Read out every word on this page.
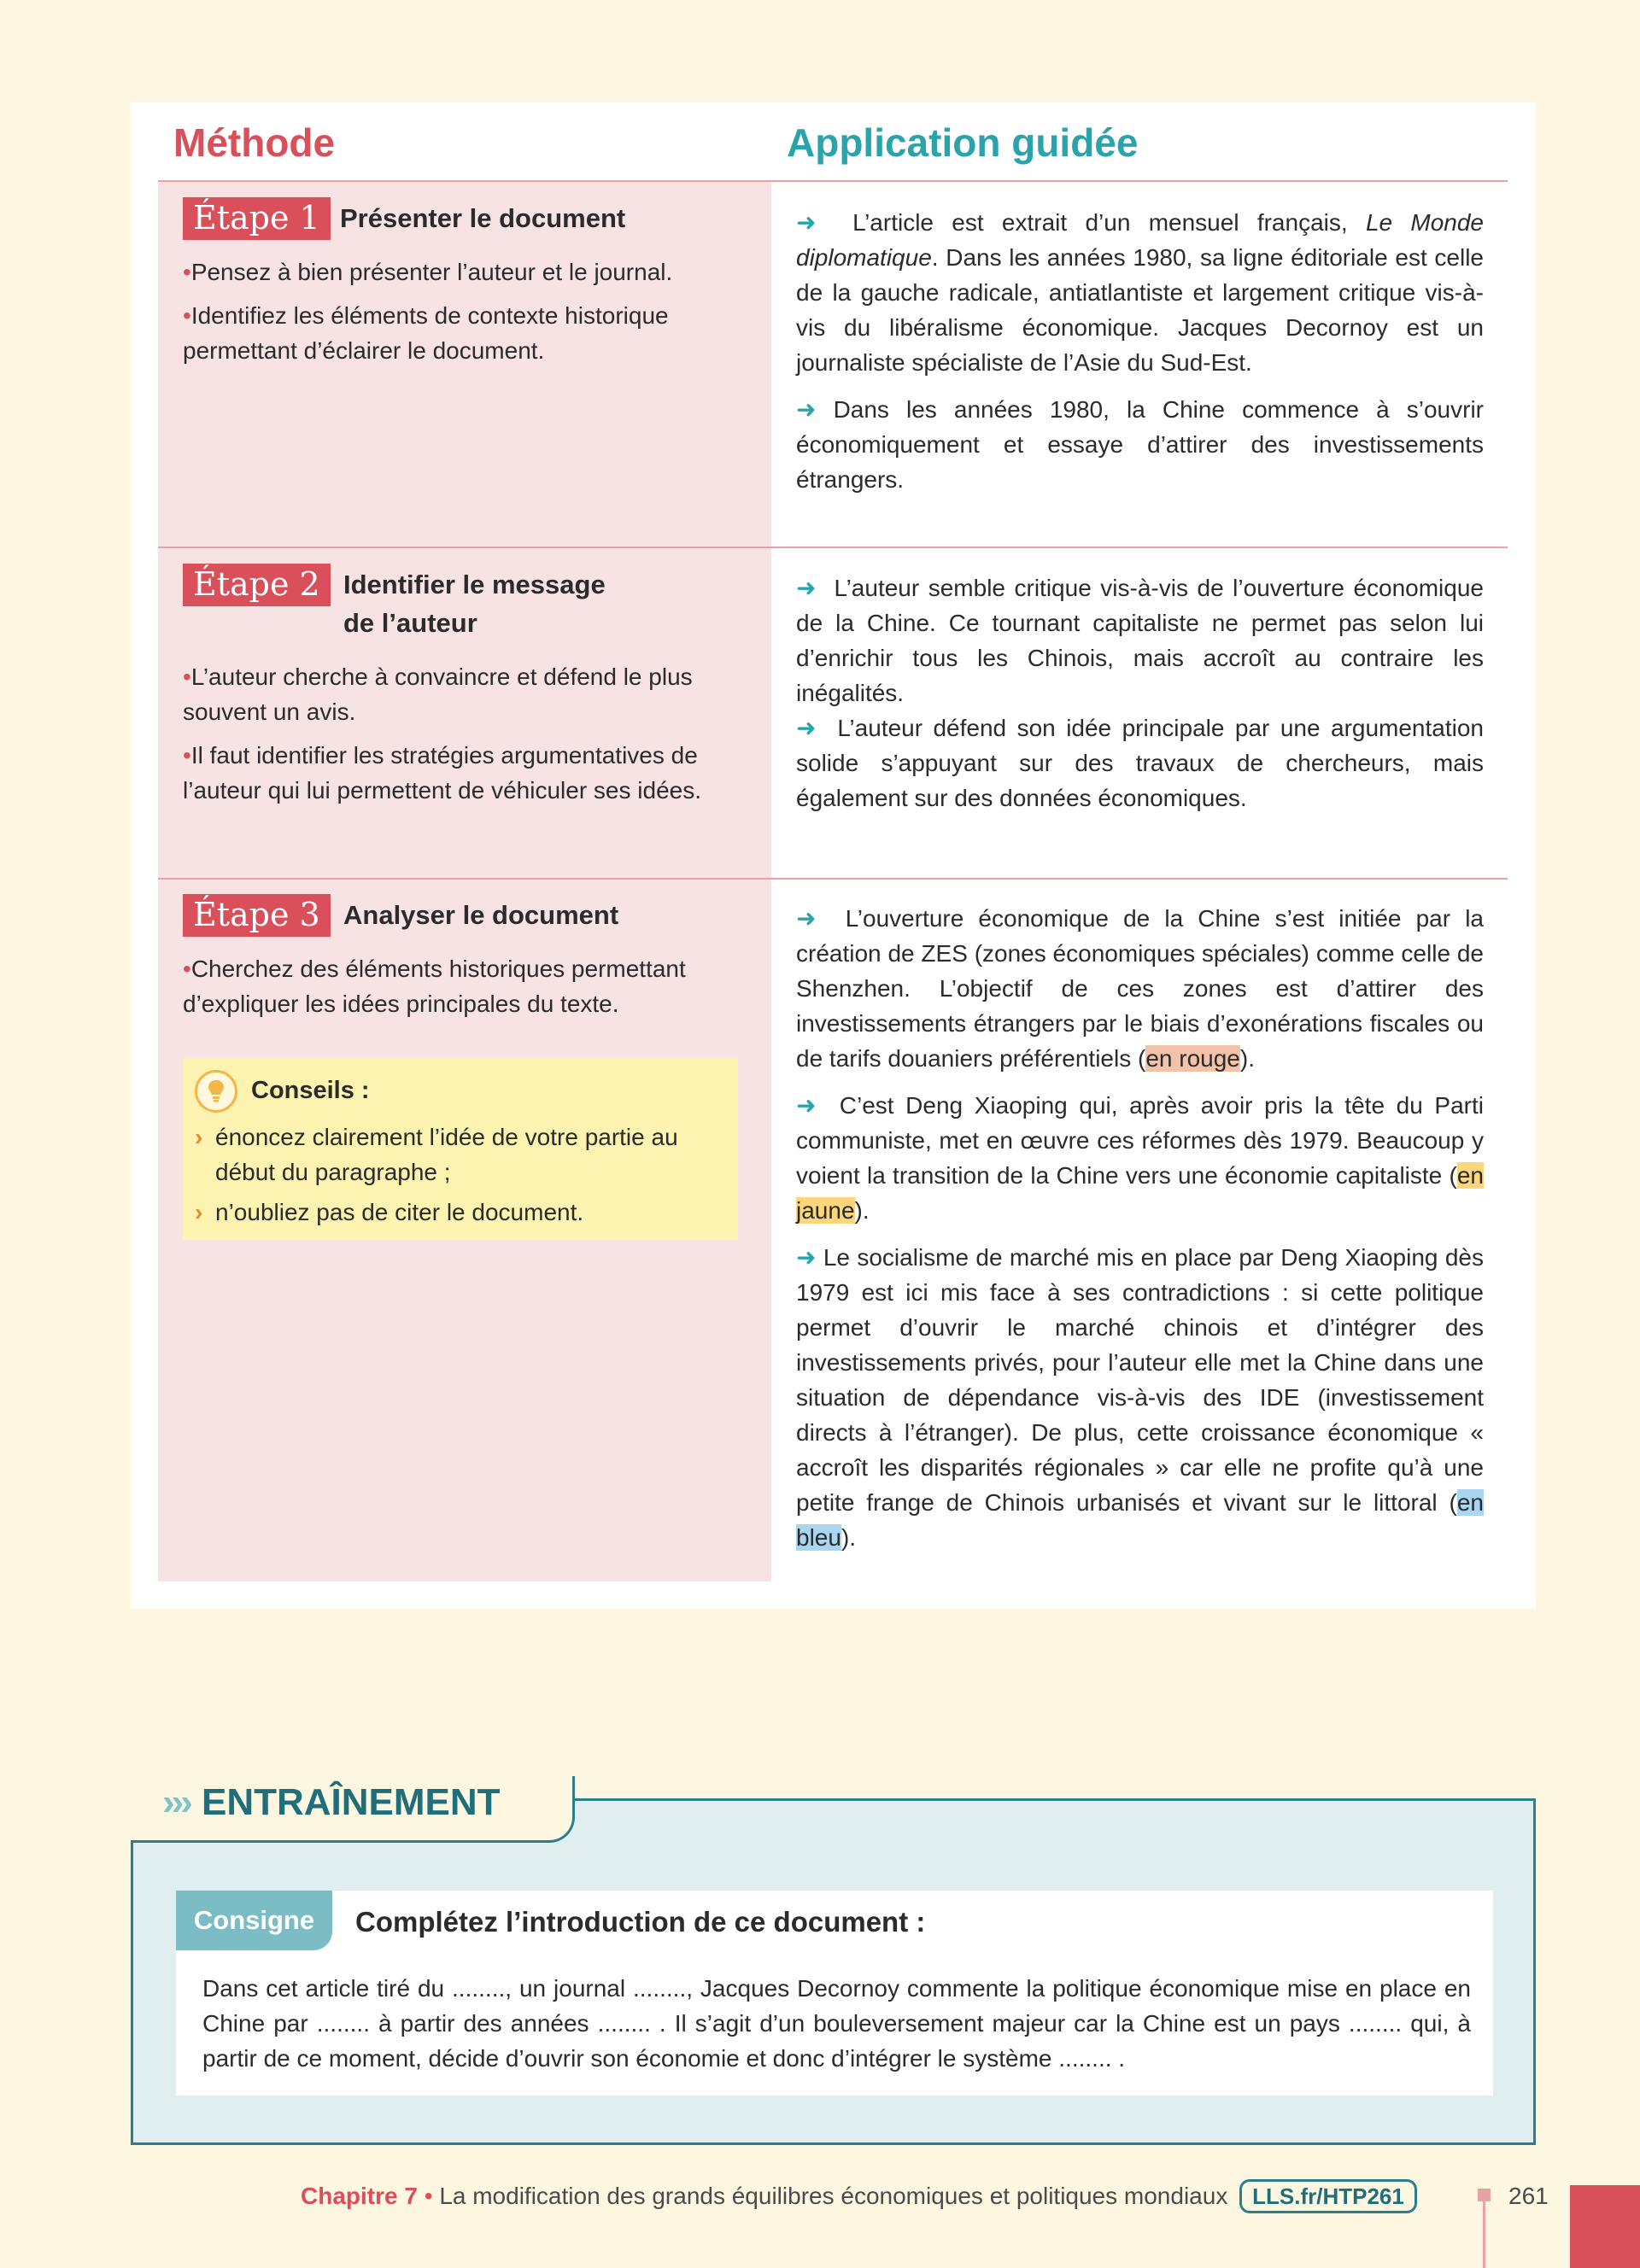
Méthode	Application guidée
Étape 1 Présenter le document

•Pensez à bien présenter l’auteur et le journal.

•Identifiez les éléments de contexte historique permettant d’éclairer le document.

➜ L’article est extrait d’un mensuel français, Le Monde diplomatique. Dans les années 1980, sa ligne éditoriale est celle de la gauche radicale, antiatlantiste et largement critique vis-à-vis du libéralisme économique. Jacques Decornoy est un journaliste spécialiste de l’Asie du Sud-Est.

➜ Dans les années 1980, la Chine commence à s’ouvrir économiquement et essaye d’attirer des investissements étrangers.

Étape 2 Identifier le message
de l’auteur

•L’auteur cherche à convaincre et défend le plus souvent un avis.

•Il faut identifier les stratégies argumentatives de l’auteur qui lui permettent de véhiculer ses idées.

➜ L’auteur semble critique vis-à-vis de l’ouverture économique de la Chine. Ce tournant capitaliste ne permet pas selon lui d’enrichir tous les Chinois, mais accroît au contraire les inégalités.

➜ L’auteur défend son idée principale par une argumentation solide s’appuyant sur des travaux de chercheurs, mais également sur des données économiques.

Étape 3 Analyser le document

•Cherchez des éléments historiques permettant d’expliquer les idées principales du texte.

Conseils :
› énoncez clairement l’idée de votre partie au début du paragraphe ;
› n’oubliez pas de citer le document.

➜ L’ouverture économique de la Chine s’est initiée par la création de ZES (zones économiques spéciales) comme celle de Shenzhen. L’objectif de ces zones est d’attirer des investissements étrangers par le biais d’exonérations fiscales ou de tarifs douaniers préférentiels (en rouge).

➜ C’est Deng Xiaoping qui, après avoir pris la tête du Parti communiste, met en œuvre ces réformes dès 1979. Beaucoup y voient la transition de la Chine vers une économie capitaliste (en jaune).

➜ Le socialisme de marché mis en place par Deng Xiaoping dès 1979 est ici mis face à ses contradictions : si cette politique permet d’ouvrir le marché chinois et d’intégrer des investissements privés, pour l’auteur elle met la Chine dans une situation de dépendance vis-à-vis des IDE (investissement directs à l’étranger). De plus, cette croissance économique « accroît les disparités régionales » car elle ne profite qu’à une petite frange de Chinois urbanisés et vivant sur le littoral (en bleu).

››› ENTRAÎNEMENT
Consigne	Complétez l’introduction de ce document :
Dans cet article tiré du ........, un journal ........, Jacques Decornoy commente la politique économique mise en place en Chine par ........ à partir des années ........ . Il s’agit d’un bouleversement majeur car la Chine est un pays ........ qui, à partir de ce moment, décide d’ouvrir son économie et donc d’intégrer le système ........ .
Chapitre 7 • La modification des grands équilibres économiques et politiques mondiaux LLS.fr/HTP261	261
